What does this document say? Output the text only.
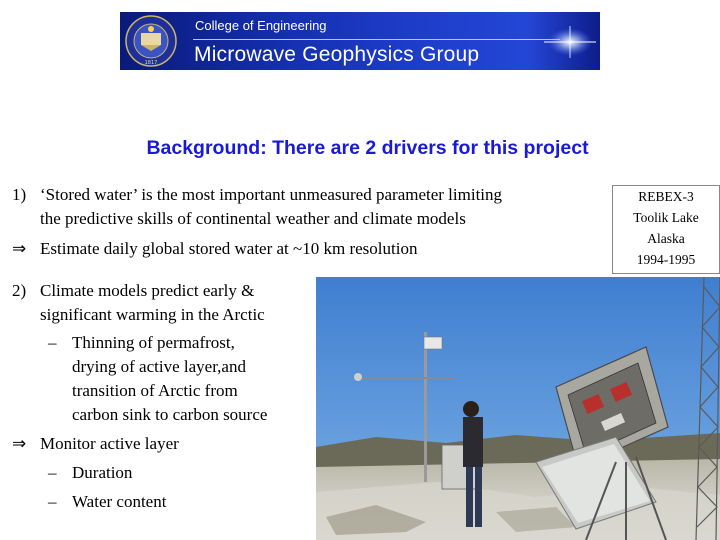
1817
College of Engineering
Microwave Geophysics Group
Background: There are 2 drivers for this project
1) ‘Stored water’ is the most important unmeasured parameter limiting
the predictive skills of continental weather and climate models
⇒ Estimate daily global stored water at ~10 km resolution
REBEX-3
Toolik Lake
Alaska
1994-1995
2) Climate models predict early &
significant warming in the Arctic
– Thinning of permafrost,
drying of active layer,and
transition of Arctic from
carbon sink to carbon source
⇒ Monitor active layer
– Duration
– Water content
